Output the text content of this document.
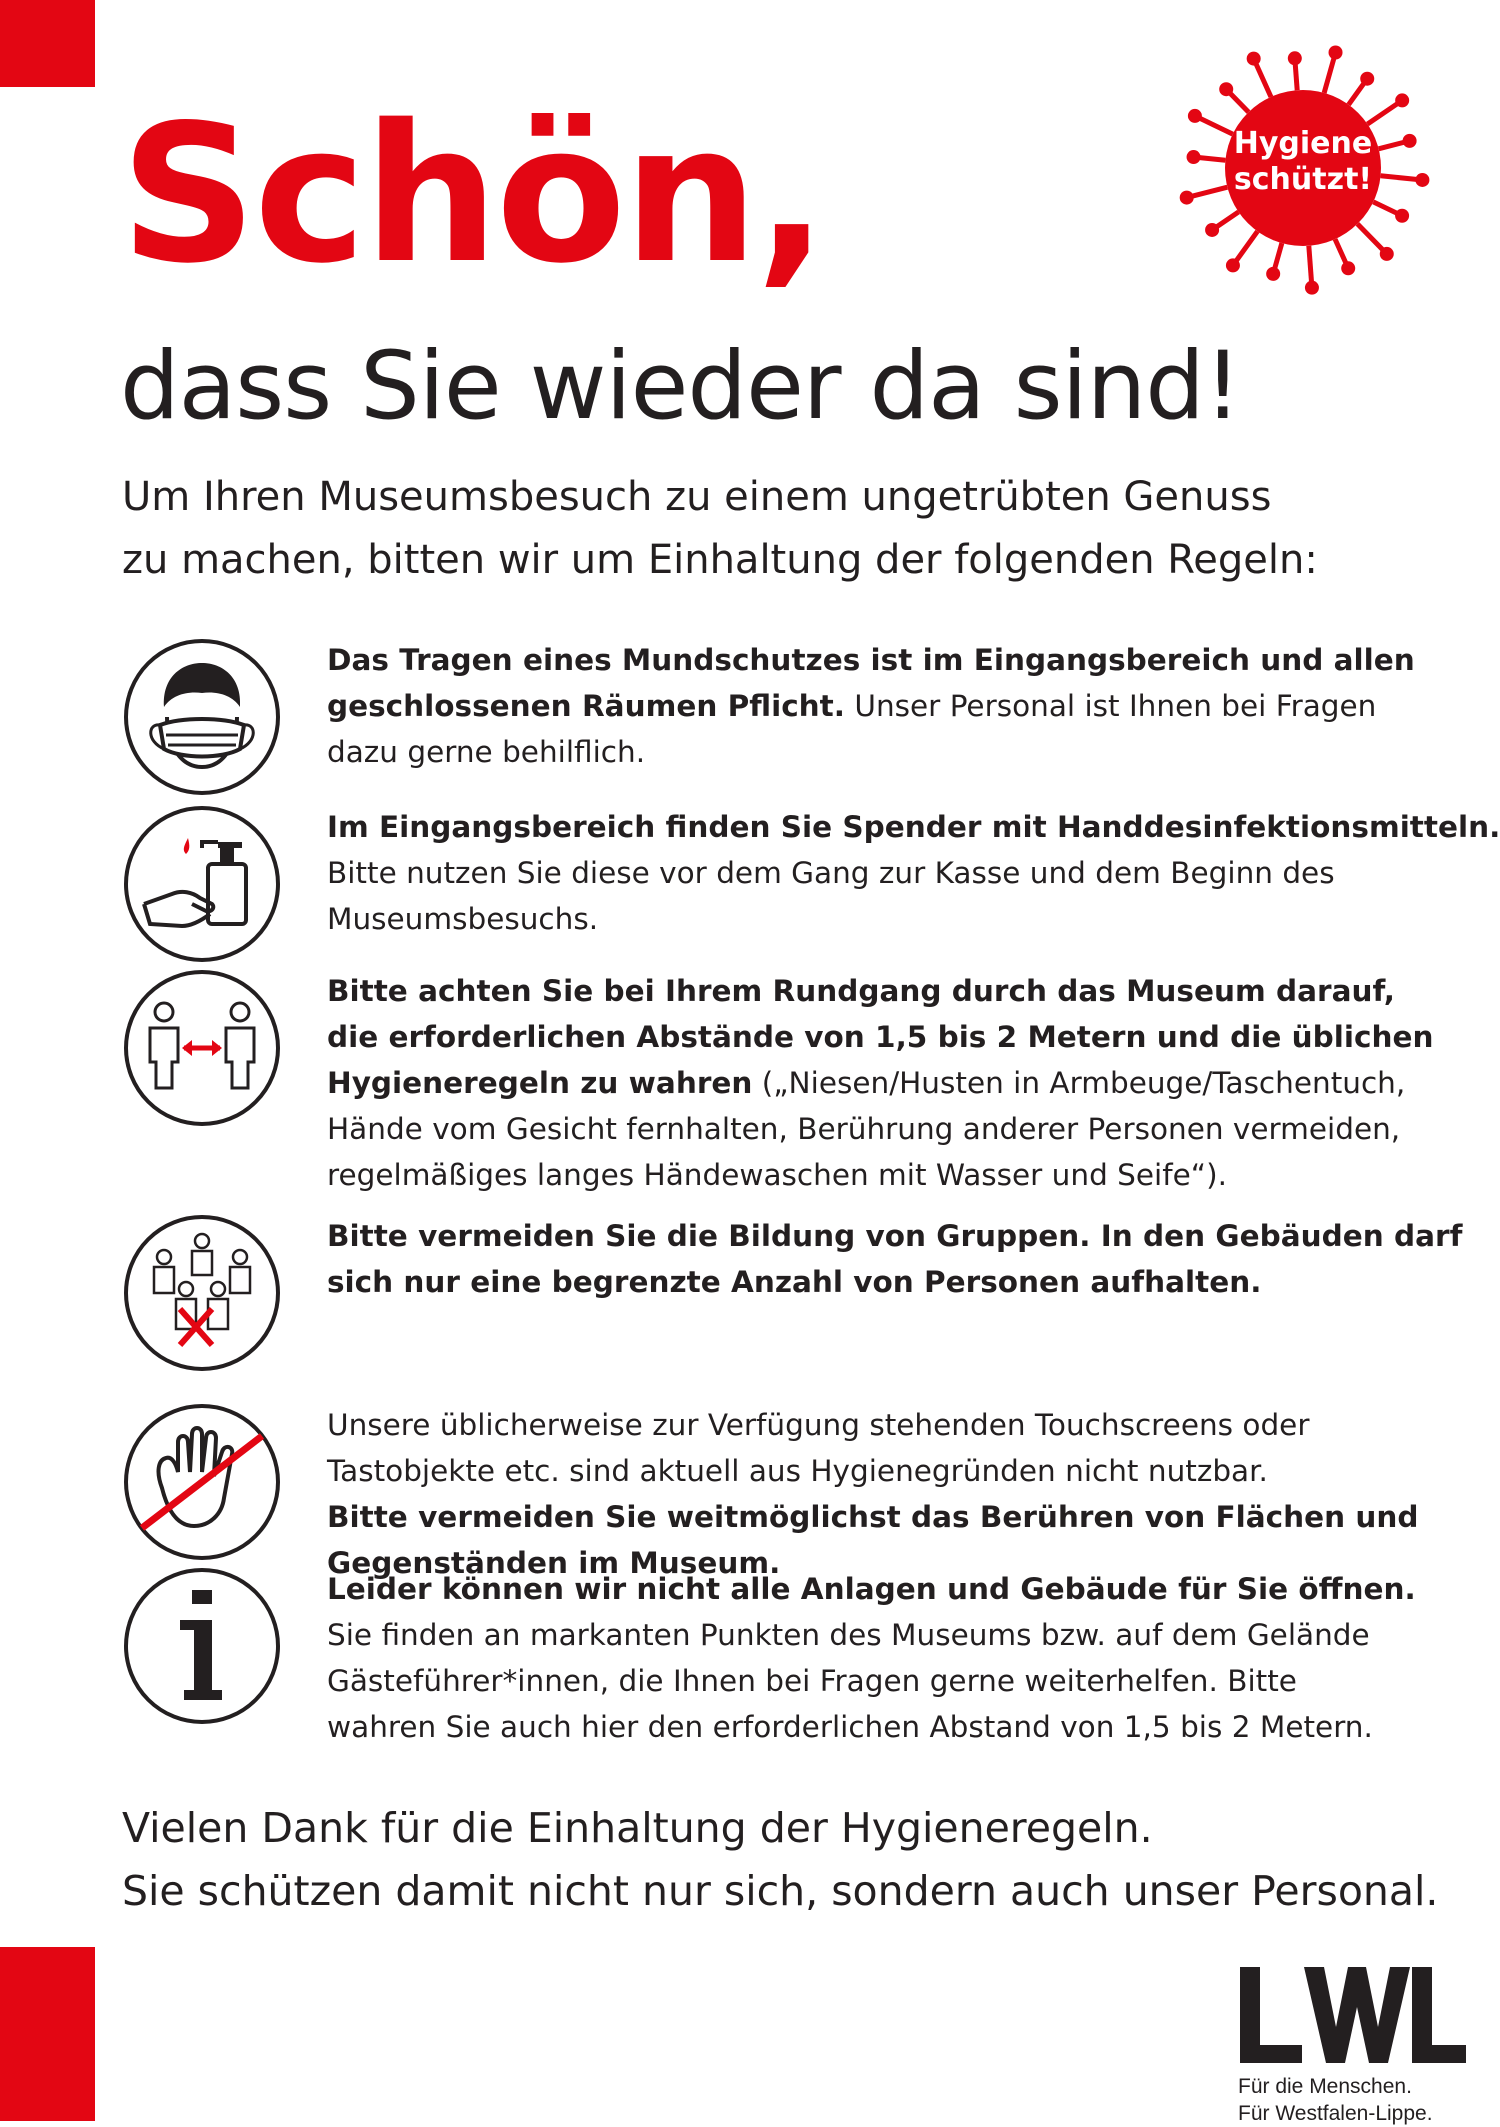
Hygiene
schützt!
Schön,
dass Sie wieder da sind!
Um Ihren Museumsbesuch zu einem ungetrübten Genuss
zu machen, bitten wir um Einhaltung der folgenden Regeln:
Das Tragen eines Mundschutzes ist im Eingangsbereich und allen
geschlossenen Räumen Pflicht. Unser Personal ist Ihnen bei Fragen
dazu gerne behilflich.
Im Eingangsbereich finden Sie Spender mit Handdesinfektionsmitteln.
Bitte nutzen Sie diese vor dem Gang zur Kasse und dem Beginn des
Museumsbesuchs.
Bitte achten Sie bei Ihrem Rundgang durch das Museum darauf,
die erforderlichen Abstände von 1,5 bis 2 Metern und die üblichen
Hygieneregeln zu wahren („Niesen/Husten in Armbeuge/Taschentuch,
Hände vom Gesicht fernhalten, Berührung anderer Personen vermeiden,
regelmäßiges langes Händewaschen mit Wasser und Seife“).
Bitte vermeiden Sie die Bildung von Gruppen. In den Gebäuden darf
sich nur eine begrenzte Anzahl von Personen aufhalten.
Unsere üblicherweise zur Verfügung stehenden Touchscreens oder
Tastobjekte etc. sind aktuell aus Hygienegründen nicht nutzbar.
Bitte vermeiden Sie weitmöglichst das Berühren von Flächen und
Gegenständen im Museum.
Leider können wir nicht alle Anlagen und Gebäude für Sie öffnen.
Sie finden an markanten Punkten des Museums bzw. auf dem Gelände
Gästeführer*innen, die Ihnen bei Fragen gerne weiterhelfen. Bitte
wahren Sie auch hier den erforderlichen Abstand von 1,5 bis 2 Metern.
Vielen Dank für die Einhaltung der Hygieneregeln.
Sie schützen damit nicht nur sich, sondern auch unser Personal.
Für die Menschen.
Für Westfalen-Lippe.
